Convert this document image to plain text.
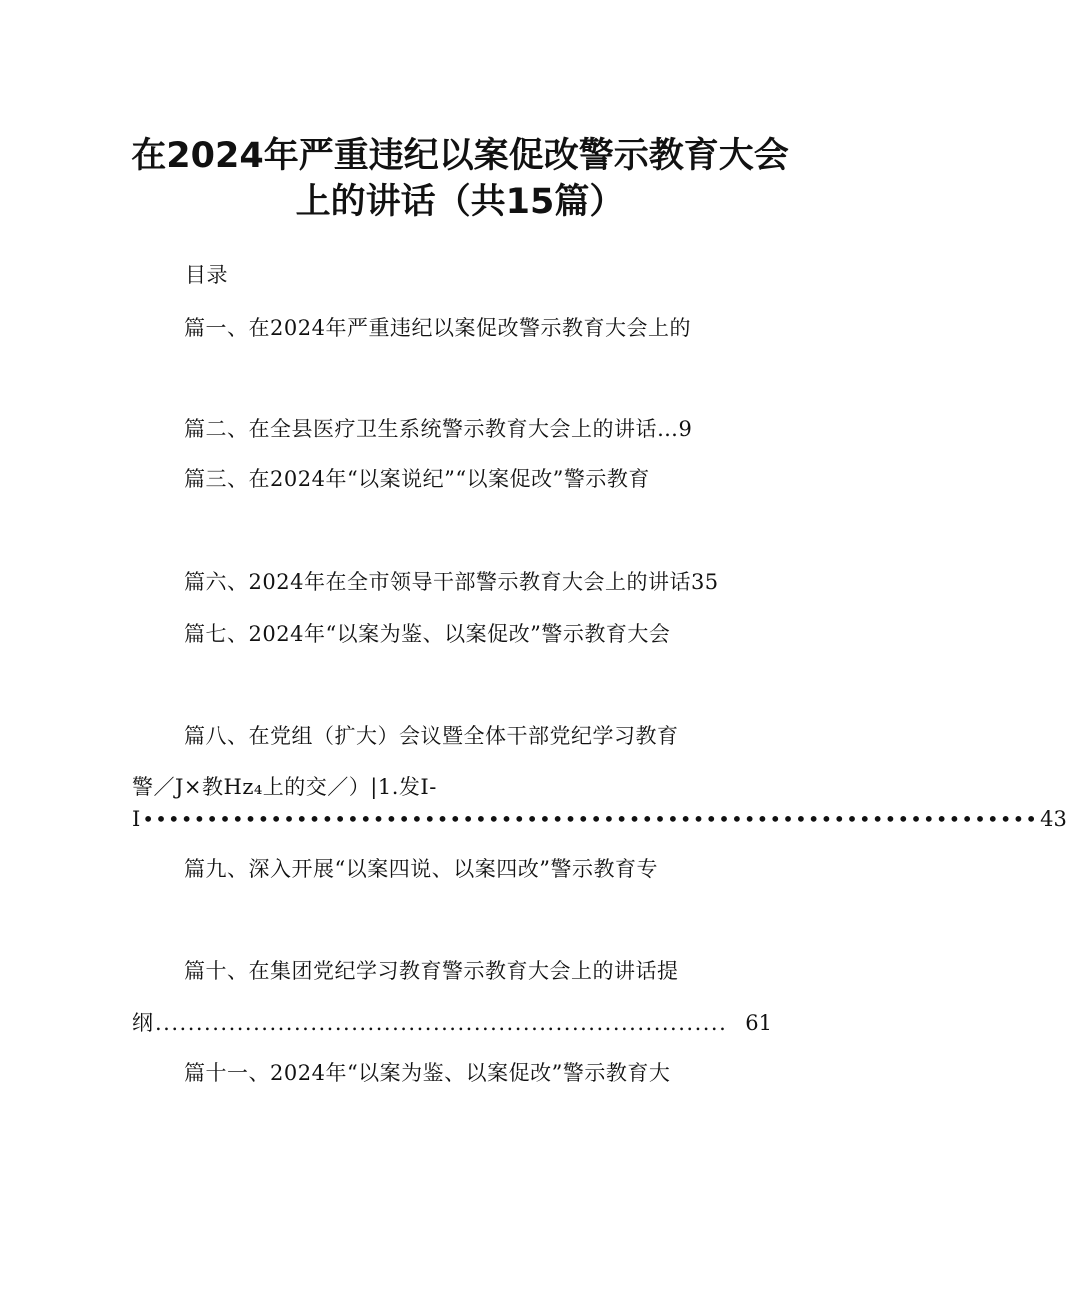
在2024年严重违纪以案促改警示教育大会
上的讲话（共15篇）
目录
篇一、在2024年严重违纪以案促改警示教育大会上的
篇二、在全县医疗卫生系统警示教育大会上的讲话…9
篇三、在2024年“以案说纪”“以案促改”警示教育
篇六、2024年在全市领导干部警示教育大会上的讲话35
篇七、2024年“以案为鉴、以案促改”警示教育大会
篇八、在党组（扩大）会议暨全体干部党纪学习教育
警／J×教Hz₄上的交／）|1.发I-
I •••••••••••••••••••••••••••••••••••••••••••••••••••••••••••••••••••••• 43
篇九、深入开展“以案四说、以案四改”警示教育专
篇十、在集团党纪学习教育警示教育大会上的讲话提
纲 ...................................................................... 61
篇十一、2024年“以案为鉴、以案促改”警示教育大
